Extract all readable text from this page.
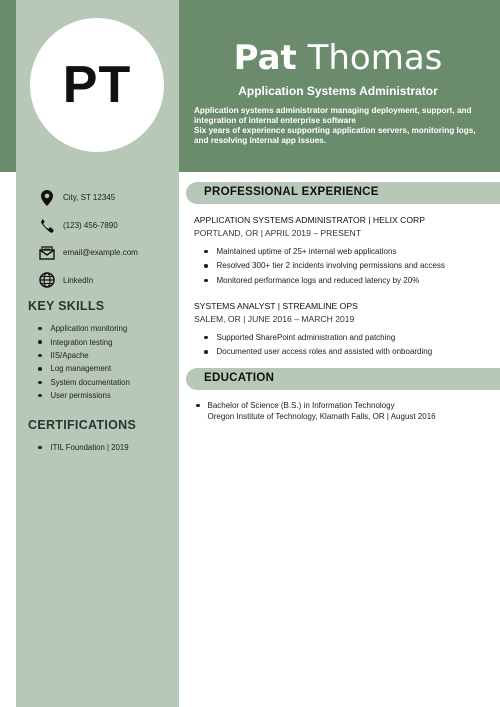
PT	Pat Thomas
Application Systems Administrator

Application systems administrator managing deployment, support, and integration of internal enterprise software

Six years of experience supporting application servers, monitoring logs, and resolving internal app issues.

City, ST 12345
(123) 456-7890
email@example.com
LinkedIn
KEY SKILLS
Application monitoring
Integration testing
IIS/Apache
Log management
System documentation
User permissions
CERTIFICATIONS
ITIL Foundation | 2019
PROFESSIONAL EXPERIENCE
APPLICATION SYSTEMS ADMINISTRATOR | HELIX CORP
PORTLAND, OR | APRIL 2019 – PRESENT
Maintained uptime of 25+ internal web applications
Resolved 300+ tier 2 incidents involving permissions and access
Monitored performance logs and reduced latency by 20%
SYSTEMS ANALYST | STREAMLINE OPS
SALEM, OR | JUNE 2016 – MARCH 2019
Supported SharePoint administration and patching
Documented user access roles and assisted with onboarding
EDUCATION
Bachelor of Science (B.S.) in Information Technology
Oregon Institute of Technology, Klamath Falls, OR | August 2016
